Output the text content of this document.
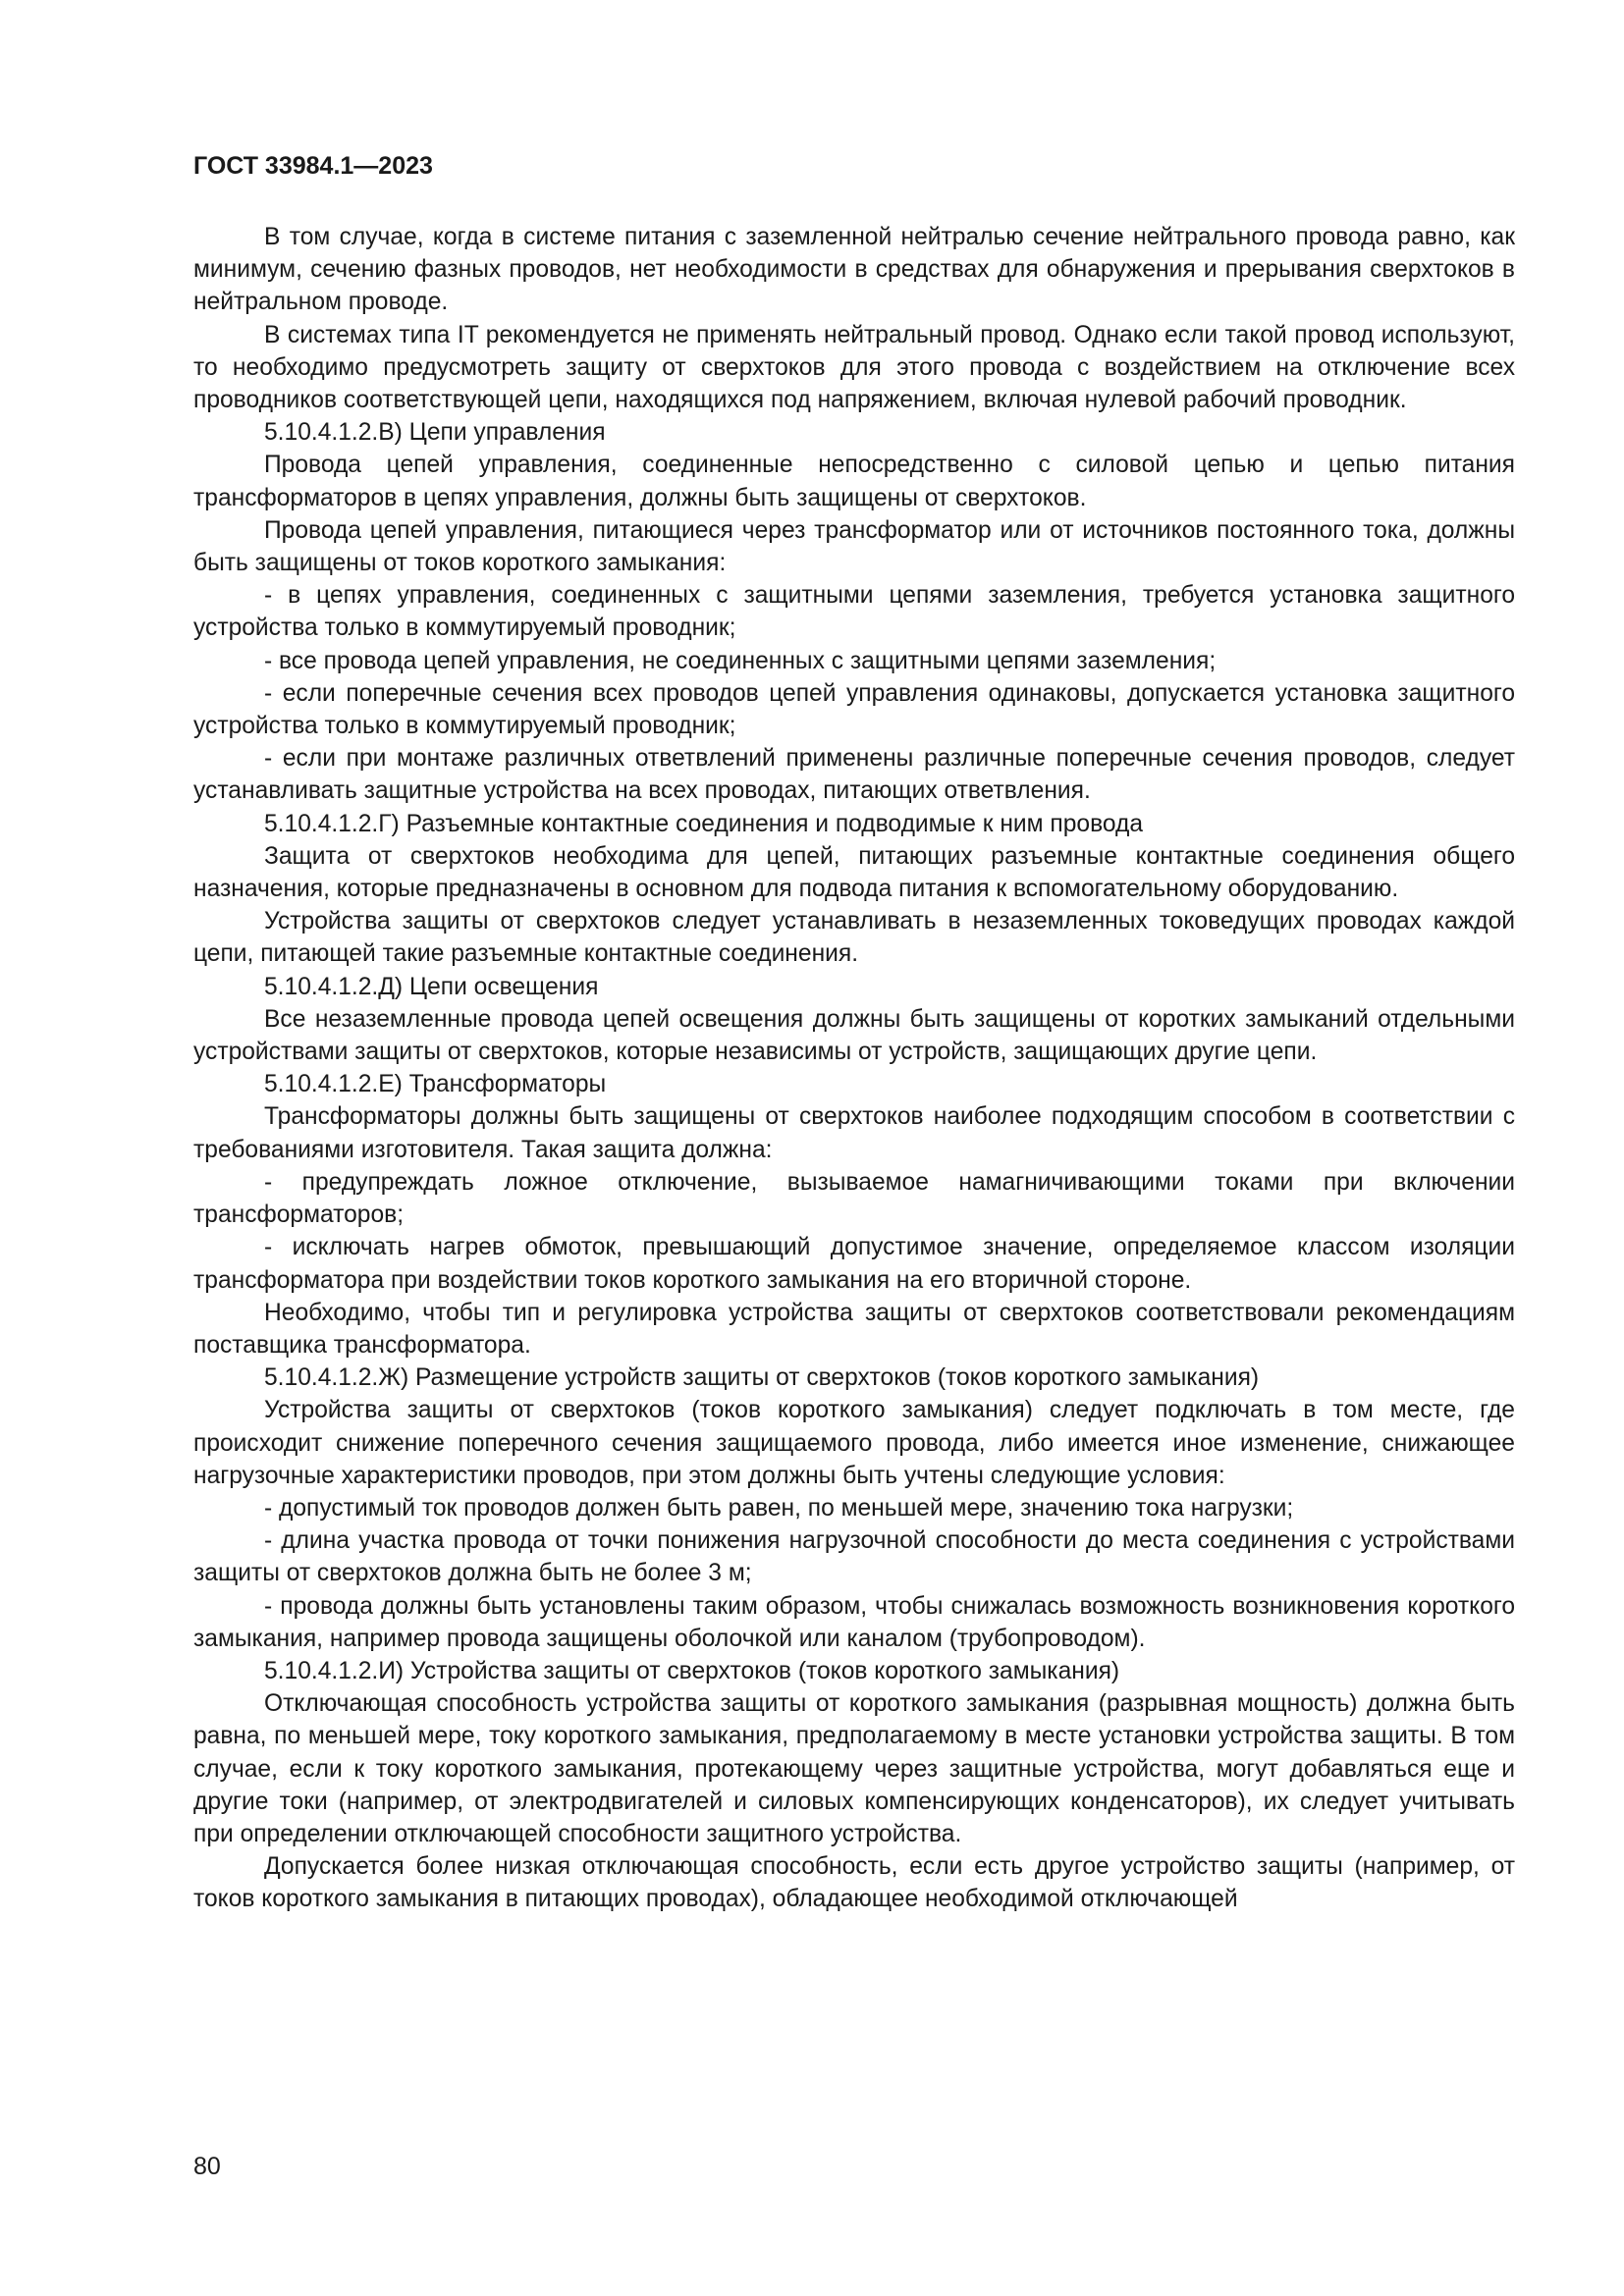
ГОСТ 33984.1—2023

В том случае, когда в системе питания с заземленной нейтралью сечение нейтрального провода равно, как минимум, сечению фазных проводов, нет необходимости в средствах для обнаружения и прерывания сверхтоков в нейтральном проводе.

В системах типа IT рекомендуется не применять нейтральный провод. Однако если такой провод используют, то необходимо предусмотреть защиту от сверхтоков для этого провода с воздействием на отключение всех проводников соответствующей цепи, находящихся под напряжением, включая нулевой рабочий проводник.

5.10.4.1.2.В) Цепи управления

Провода цепей управления, соединенные непосредственно с силовой цепью и цепью питания трансформаторов в цепях управления, должны быть защищены от сверхтоков.

Провода цепей управления, питающиеся через трансформатор или от источников постоянного тока, должны быть защищены от токов короткого замыкания:

- в цепях управления, соединенных с защитными цепями заземления, требуется установка защитного устройства только в коммутируемый проводник;

- все провода цепей управления, не соединенных с защитными цепями заземления;

- если поперечные сечения всех проводов цепей управления одинаковы, допускается установка защитного устройства только в коммутируемый проводник;

- если при монтаже различных ответвлений применены различные поперечные сечения проводов, следует устанавливать защитные устройства на всех проводах, питающих ответвления.

5.10.4.1.2.Г) Разъемные контактные соединения и подводимые к ним провода

Защита от сверхтоков необходима для цепей, питающих разъемные контактные соединения общего назначения, которые предназначены в основном для подвода питания к вспомогательному оборудованию.

Устройства защиты от сверхтоков следует устанавливать в незаземленных токоведущих проводах каждой цепи, питающей такие разъемные контактные соединения.

5.10.4.1.2.Д) Цепи освещения

Все незаземленные провода цепей освещения должны быть защищены от коротких замыканий отдельными устройствами защиты от сверхтоков, которые независимы от устройств, защищающих другие цепи.

5.10.4.1.2.Е) Трансформаторы

Трансформаторы должны быть защищены от сверхтоков наиболее подходящим способом в соответствии с требованиями изготовителя. Такая защита должна:

- предупреждать ложное отключение, вызываемое намагничивающими токами при включении трансформаторов;

- исключать нагрев обмоток, превышающий допустимое значение, определяемое классом изоляции трансформатора при воздействии токов короткого замыкания на его вторичной стороне.

Необходимо, чтобы тип и регулировка устройства защиты от сверхтоков соответствовали рекомендациям поставщика трансформатора.

5.10.4.1.2.Ж) Размещение устройств защиты от сверхтоков (токов короткого замыкания)

Устройства защиты от сверхтоков (токов короткого замыкания) следует подключать в том месте, где происходит снижение поперечного сечения защищаемого провода, либо имеется иное изменение, снижающее нагрузочные характеристики проводов, при этом должны быть учтены следующие условия:

- допустимый ток проводов должен быть равен, по меньшей мере, значению тока нагрузки;

- длина участка провода от точки понижения нагрузочной способности до места соединения с устройствами защиты от сверхтоков должна быть не более 3 м;

- провода должны быть установлены таким образом, чтобы снижалась возможность возникновения короткого замыкания, например провода защищены оболочкой или каналом (трубопроводом).

5.10.4.1.2.И) Устройства защиты от сверхтоков (токов короткого замыкания)

Отключающая способность устройства защиты от короткого замыкания (разрывная мощность) должна быть равна, по меньшей мере, току короткого замыкания, предполагаемому в месте установки устройства защиты. В том случае, если к току короткого замыкания, протекающему через защитные устройства, могут добавляться еще и другие токи (например, от электродвигателей и силовых компенсирующих конденсаторов), их следует учитывать при определении отключающей способности защитного устройства.

Допускается более низкая отключающая способность, если есть другое устройство защиты (например, от токов короткого замыкания в питающих проводах), обладающее необходимой отключающей

80
